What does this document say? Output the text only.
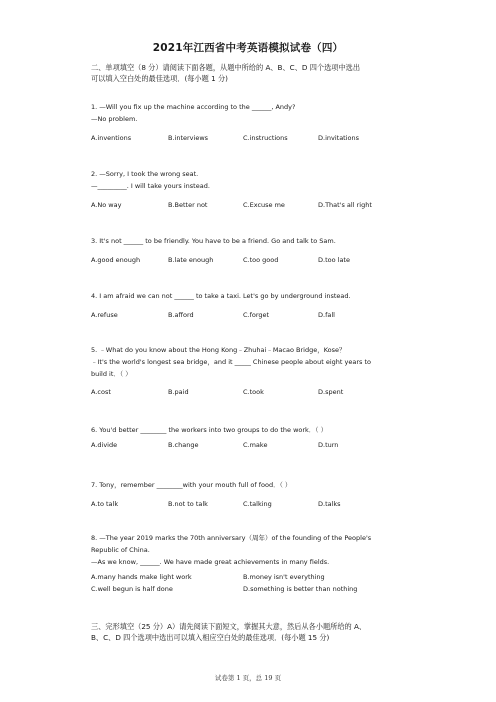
2021年江西省中考英语模拟试卷（四）

二、单项填空（8 分）请阅读下面各题，从题中所给的 A、B、C、D 四个选项中选出

可以填入空白处的最佳选项．(每小题 1 分)

1. —Will you fix up the machine according to the ______, Andy?

—No problem.

A.inventions	B.interviews	C.instructions	D.invitations

2. —Sorry, I took the wrong seat.

—_________. I will take yours instead.

A.No way	B.Better not	C.Excuse me	D.That's all right

3. It's not ______ to be friendly. You have to be a friend. Go and talk to Sam.

A.good enough	B.late enough	C.too good	D.too late

4. I am afraid we can not ______ to take a taxi. Let's go by underground instead.

A.refuse	B.afford	C.forget	D.fall

5. ﹣What do you know about the Hong Kong﹣Zhuhai﹣Macao Bridge，Kose？

﹣It's the world's longest sea bridge，and it _____ Chinese people about eight years to

build it．（ ）

A.cost	B.paid	C.took	D.spent

6. You'd better ________ the workers into two groups to do the work．（ ）

A.divide	B.change	C.make	D.turn

7. Tony，remember ________with your mouth full of food．（ ）

A.to talk	B.not to talk	C.talking	D.talks

8. —The year 2019 marks the 70th anniversary（周年）of the founding of the People's

Republic of China.

—As we know, ______. We have made great achievements in many fields.

A.many hands make light work	B.money isn't everything
C.well begun is half done	D.something is better than nothing

三、完形填空（25 分）A）请先阅读下面短文，掌握其大意，然后从各小题所给的 A、

B、C、D 四个选项中选出可以填入相应空白处的最佳选项．(每小题 15 分)

试卷第 1 页，总 19 页
